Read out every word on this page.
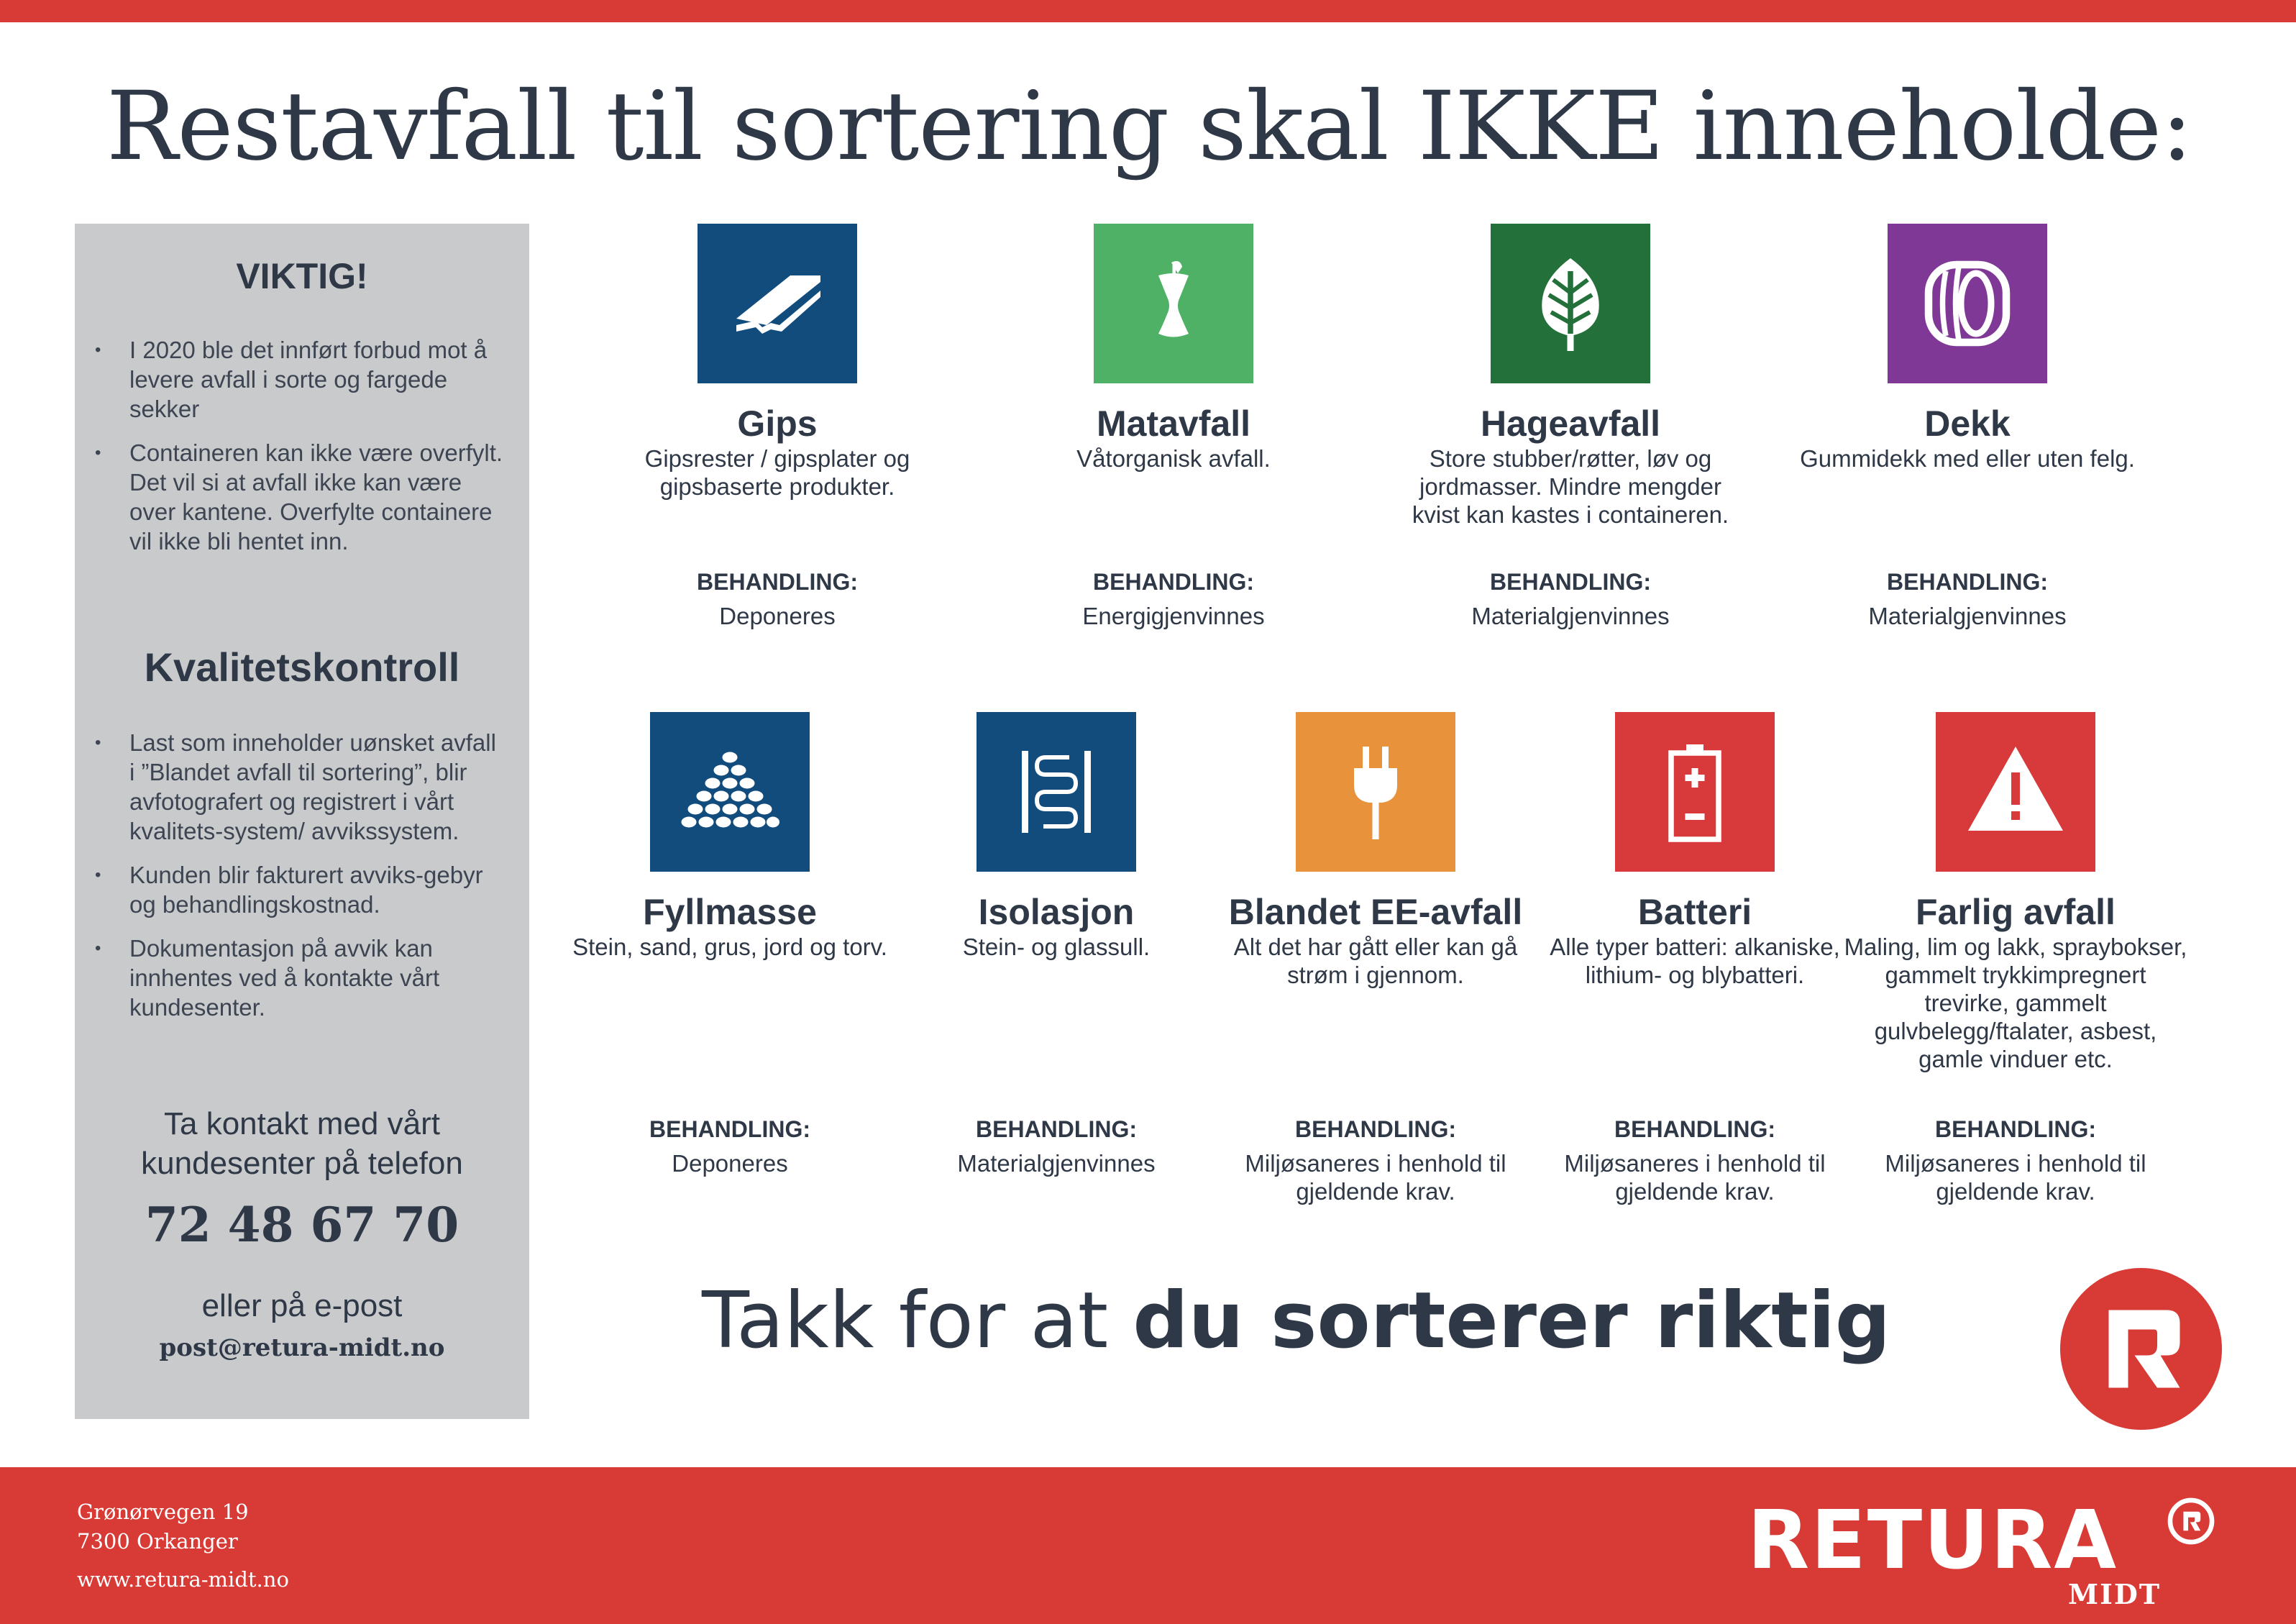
Restavfall til sortering skal IKKE inneholde:
VIKTIG!
• I 2020 ble det innført forbud mot å levere avfall i sorte og fargede sekker
• Containeren kan ikke være overfylt. Det vil si at avfall ikke kan være over kantene. Overfylte containere vil ikke bli hentet inn.
Kvalitetskontroll
• Last som inneholder uønsket avfall i ”Blandet avfall til sortering”, blir avfotografert og registrert i vårt kvalitets-system/ avvikssystem.
• Kunden blir fakturert avviks-gebyr og behandlingskostnad.
• Dokumentasjon på avvik kan innhentes ved å kontakte vårt kundesenter.
Ta kontakt med vårt kundesenter på telefon
72 48 67 70
eller på e-post
post@retura-midt.no
Gips
Gipsrester / gipsplater og gipsbaserte produkter.
BEHANDLING:
Deponeres
Matavfall
Våtorganisk avfall.
BEHANDLING:
Energigjenvinnes
Hageavfall
Store stubber/røtter, løv og jordmasser. Mindre mengder kvist kan kastes i containeren.
BEHANDLING:
Materialgjenvinnes
Dekk
Gummidekk med eller uten felg.
BEHANDLING:
Materialgjenvinnes
Fyllmasse
Stein, sand, grus, jord og torv.
BEHANDLING:
Deponeres
Isolasjon
Stein- og glassull.
BEHANDLING:
Materialgjenvinnes
Blandet EE-avfall
Alt det har gått eller kan gå strøm i gjennom.
BEHANDLING:
Miljøsaneres i henhold til gjeldende krav.
Batteri
Alle typer batteri: alkaniske, lithium- og blybatteri.
BEHANDLING:
Miljøsaneres i henhold til gjeldende krav.
Farlig avfall
Maling, lim og lakk, spraybokser, gammelt trykkimpregnert trevirke, gammelt gulvbelegg/ftalater, asbest, gamle vinduer etc.
BEHANDLING:
Miljøsaneres i henhold til gjeldende krav.
Takk for at du sorterer riktig
Grønørvegen 19
7300 Orkanger
www.retura-midt.no	RETURA
MIDT
